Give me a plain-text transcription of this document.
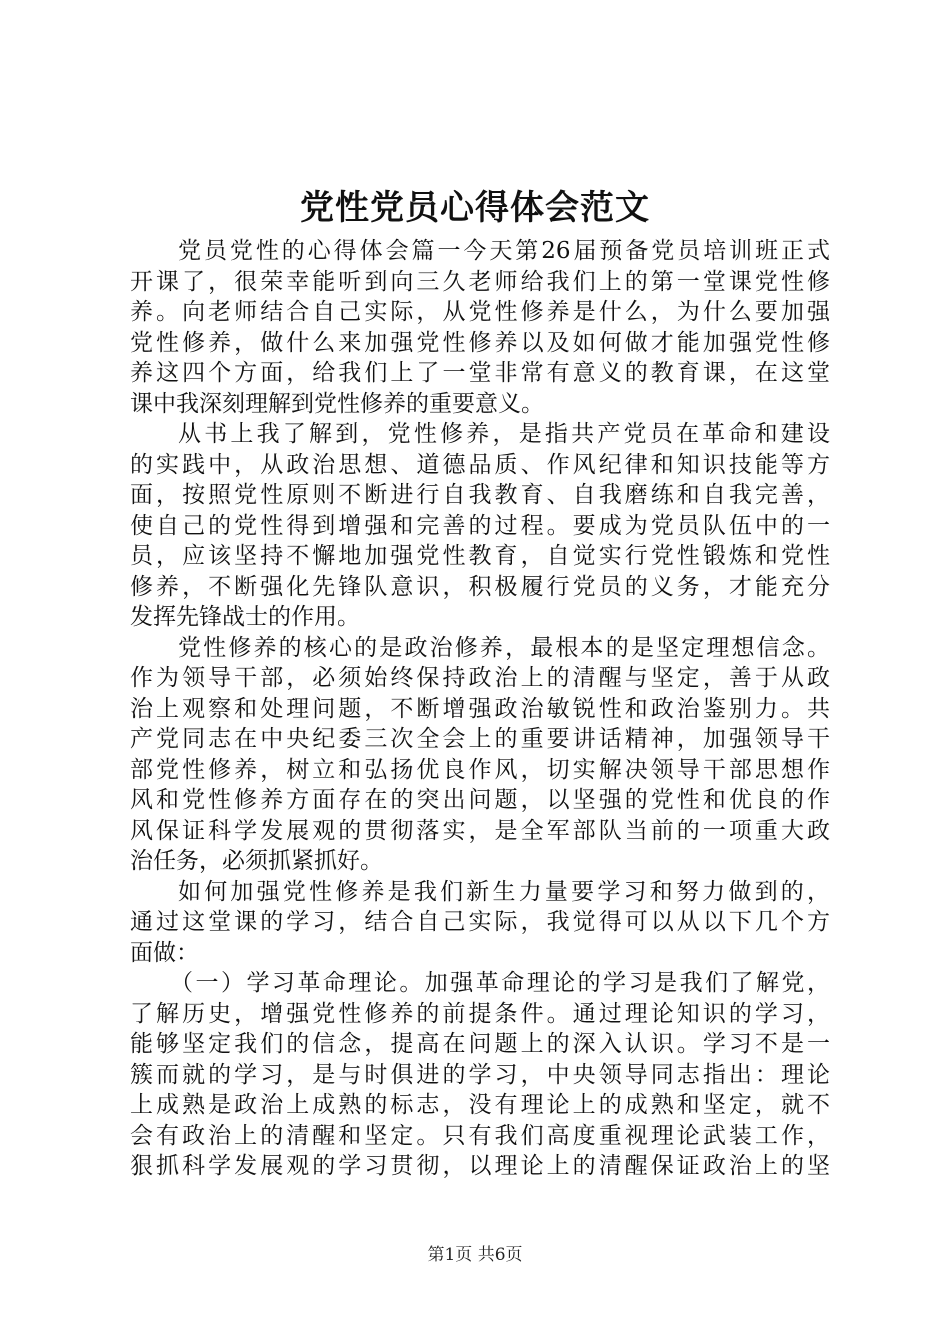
党性党员心得体会范文
党员党性的心得体会篇一今天第26届预备党员培训班正式
开课了，很荣幸能听到向三久老师给我们上的第一堂课党性修
养。向老师结合自己实际，从党性修养是什么，为什么要加强
党性修养，做什么来加强党性修养以及如何做才能加强党性修
养这四个方面，给我们上了一堂非常有意义的教育课，在这堂
课中我深刻理解到党性修养的重要意义。
从书上我了解到，党性修养，是指共产党员在革命和建设
的实践中，从政治思想、道德品质、作风纪律和知识技能等方
面，按照党性原则不断进行自我教育、自我磨练和自我完善，
使自己的党性得到增强和完善的过程。要成为党员队伍中的一
员，应该坚持不懈地加强党性教育，自觉实行党性锻炼和党性
修养，不断强化先锋队意识，积极履行党员的义务，才能充分
发挥先锋战士的作用。
党性修养的核心的是政治修养，最根本的是坚定理想信念。
作为领导干部，必须始终保持政治上的清醒与坚定，善于从政
治上观察和处理问题，不断增强政治敏锐性和政治鉴别力。共
产党同志在中央纪委三次全会上的重要讲话精神，加强领导干
部党性修养，树立和弘扬优良作风，切实解决领导干部思想作
风和党性修养方面存在的突出问题，以坚强的党性和优良的作
风保证科学发展观的贯彻落实，是全军部队当前的一项重大政
治任务，必须抓紧抓好。
如何加强党性修养是我们新生力量要学习和努力做到的，
通过这堂课的学习，结合自己实际，我觉得可以从以下几个方
面做：
（一）学习革命理论。加强革命理论的学习是我们了解党，
了解历史，增强党性修养的前提条件。通过理论知识的学习，
能够坚定我们的信念，提高在问题上的深入认识。学习不是一
簇而就的学习，是与时俱进的学习，中央领导同志指出：理论
上成熟是政治上成熟的标志，没有理论上的成熟和坚定，就不
会有政治上的清醒和坚定。只有我们高度重视理论武装工作，
狠抓科学发展观的学习贯彻，以理论上的清醒保证政治上的坚
第1页 共6页
